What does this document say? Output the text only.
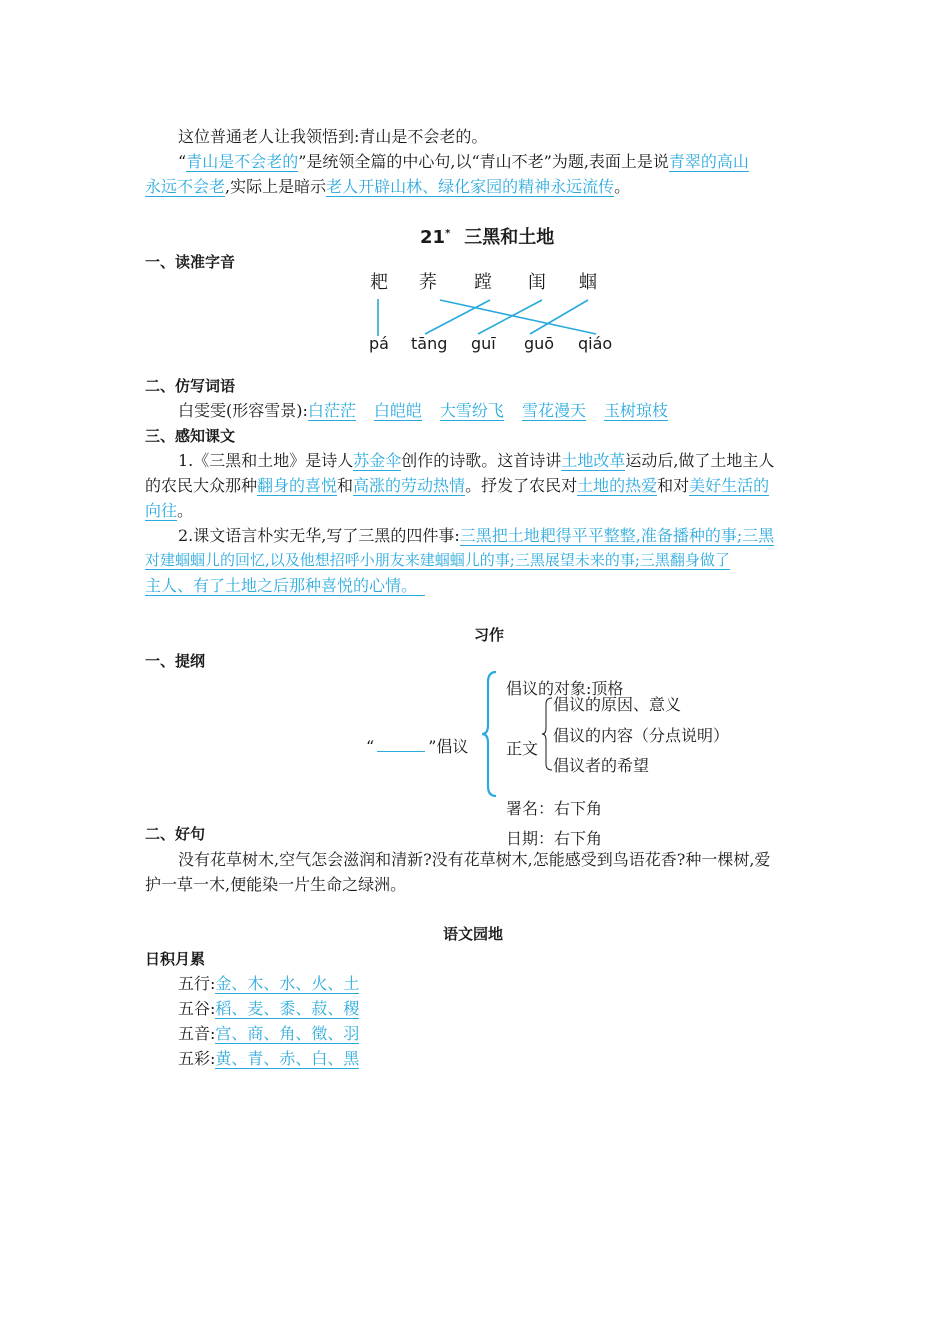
这位普通老人让我领悟到:青山是不会老的。
“青山是不会老的”是统领全篇的中心句,以“青山不老”为题,表面上是说青翠的高山
永远不会老,实际上是暗示老人开辟山林、绿化家园的精神永远流传。
21* 三黑和土地
一、读准字音
耙 荞 蹚 闺 蝈
pá tāng guī guō qiáo
二、仿写词语
白雯雯(形容雪景):白茫茫 白皑皑 大雪纷飞 雪花漫天 玉树琼枝
三、感知课文
1.《三黑和土地》是诗人苏金伞创作的诗歌。这首诗讲土地改革运动后,做了土地主人
的农民大众那种翻身的喜悦和高涨的劳动热情。抒发了农民对土地的热爱和对美好生活的
向往。
2.课文语言朴实无华,写了三黑的四件事:三黑把土地耙得平平整整,准备播种的事;三黑
对建蝈蝈儿的回忆,以及他想招呼小朋友来建蝈蝈儿的事;三黑展望未来的事;三黑翻身做了
主人、有了土地之后那种喜悦的心情。
习作
一、提纲
“	”倡议
倡议的对象:顶格
正文
倡议的原因、意义
倡议的内容（分点说明）
倡议者的希望
署名：右下角
二、好句	日期：右下角
没有花草树木,空气怎会滋润和清新?没有花草树木,怎能感受到鸟语花香?种一棵树,爱
护一草一木,便能染一片生命之绿洲。
语文园地
日积月累
五行:金、木、水、火、土
五谷:稻、麦、黍、菽、稷
五音:宫、商、角、徵、羽
五彩:黄、青、赤、白、黑
